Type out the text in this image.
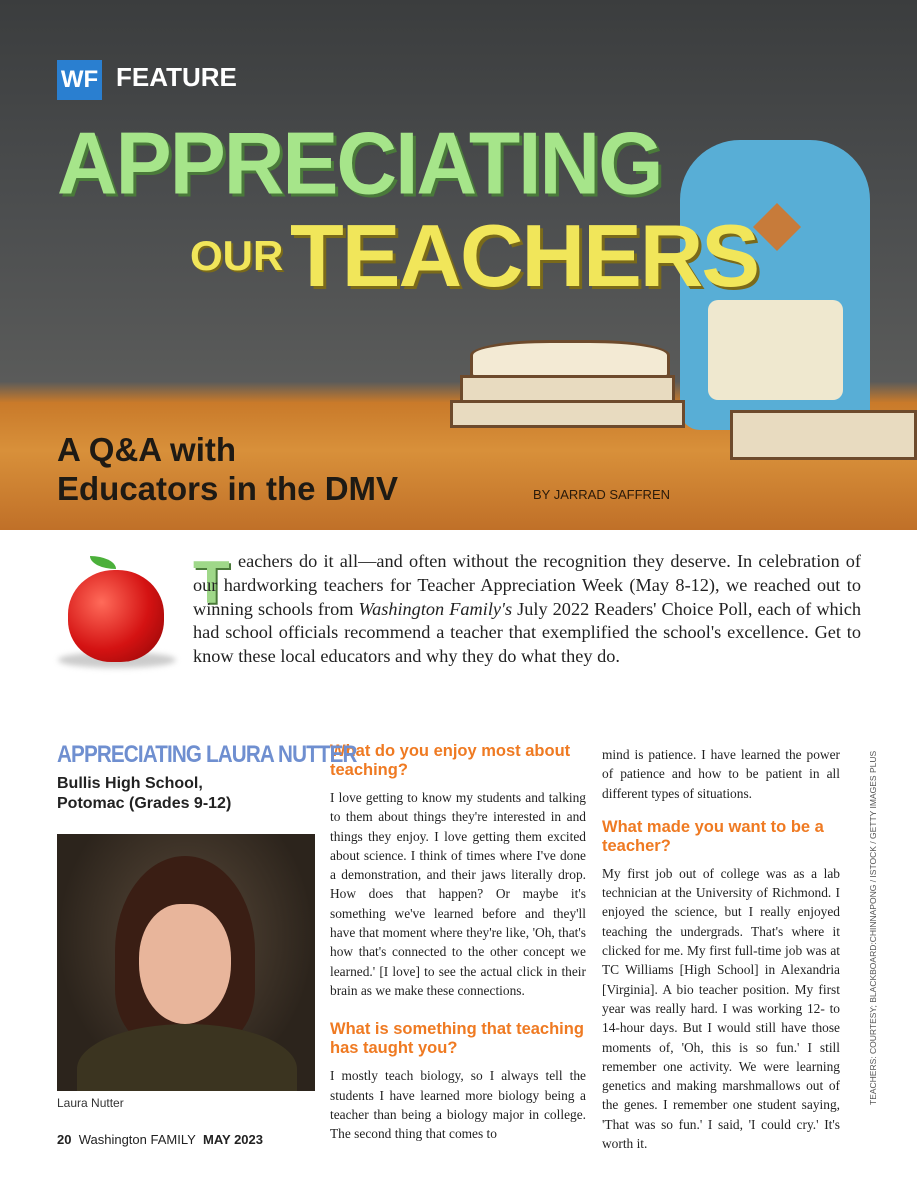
WF FEATURE
APPRECIATING
OUR TEACHERS
A Q&A with
Educators in the DMV	BY JARRAD SAFFREN
T eachers do it all—and often without the recognition they deserve. In celebration of our hardworking teachers for Teacher Appreciation Week (May 8-12), we reached out to winning schools from Washington Family's July 2022 Readers' Choice Poll, each of which had school officials recommend a teacher that exemplified the school's excellence. Get to know these local educators and why they do what they do.

APPRECIATING LAURA NUTTER
Bullis High School,
Potomac (Grades 9-12)
Laura Nutter
What do you enjoy most about teaching?

I love getting to know my students and talking to them about things they're interested in and things they enjoy. I love getting them excited about science. I think of times where I've done a demonstration, and their jaws literally drop. How does that happen? Or maybe it's something we've learned before and they'll have that moment where they're like, 'Oh, that's how that's connected to the other concept we learned.' [I love] to see the actual click in their brain as we make these connections.

What is something that teaching has taught you?

I mostly teach biology, so I always tell the students I have learned more biology being a teacher than being a biology major in college. The second thing that comes to

mind is patience. I have learned the power of patience and how to be patient in all different types of situations.

What made you want to be a teacher?

My first job out of college was as a lab technician at the University of Richmond. I enjoyed the science, but I really enjoyed teaching the undergrads. That's where it clicked for me. My first full-time job was at TC Williams [High School] in Alexandria [Virginia]. A bio teacher position. My first year was really hard. I was working 12- to 14-hour days. But I would still have those moments of, 'Oh, this is so fun.' I still remember one activity. We were learning genetics and making marshmallows out of the genes. I remember one student saying, 'That was so fun.' I said, 'I could cry.' It's worth it.

TEACHERS: COURTESY; BLACKBOARD:CHINNAPONG / ISTOCK / GETTY IMAGES PLUS
20 Washington FAMILY MAY 2023
